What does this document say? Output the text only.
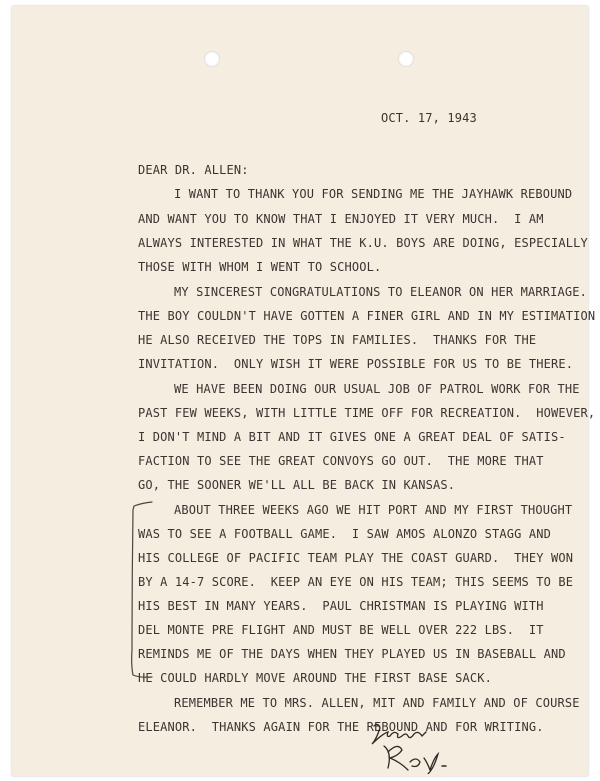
OCT. 17, 1943
DEAR DR. ALLEN:
I WANT TO THANK YOU FOR SENDING ME THE JAYHAWK REBOUND
AND WANT YOU TO KNOW THAT I ENJOYED IT VERY MUCH.  I AM
ALWAYS INTERESTED IN WHAT THE K.U. BOYS ARE DOING, ESPECIALLY
THOSE WITH WHOM I WENT TO SCHOOL.
MY SINCEREST CONGRATULATIONS TO ELEANOR ON HER MARRIAGE.
THE BOY COULDN'T HAVE GOTTEN A FINER GIRL AND IN MY ESTIMATION
HE ALSO RECEIVED THE TOPS IN FAMILIES.  THANKS FOR THE
INVITATION.  ONLY WISH IT WERE POSSIBLE FOR US TO BE THERE.
WE HAVE BEEN DOING OUR USUAL JOB OF PATROL WORK FOR THE
PAST FEW WEEKS, WITH LITTLE TIME OFF FOR RECREATION.  HOWEVER,
I DON'T MIND A BIT AND IT GIVES ONE A GREAT DEAL OF SATIS-
FACTION TO SEE THE GREAT CONVOYS GO OUT.  THE MORE THAT
GO, THE SOONER WE'LL ALL BE BACK IN KANSAS.
ABOUT THREE WEEKS AGO WE HIT PORT AND MY FIRST THOUGHT
WAS TO SEE A FOOTBALL GAME.  I SAW AMOS ALONZO STAGG AND
HIS COLLEGE OF PACIFIC TEAM PLAY THE COAST GUARD.  THEY WON
BY A 14-7 SCORE.  KEEP AN EYE ON HIS TEAM; THIS SEEMS TO BE
HIS BEST IN MANY YEARS.  PAUL CHRISTMAN IS PLAYING WITH
DEL MONTE PRE FLIGHT AND MUST BE WELL OVER 222 LBS.  IT
REMINDS ME OF THE DAYS WHEN THEY PLAYED US IN BASEBALL AND
HE COULD HARDLY MOVE AROUND THE FIRST BASE SACK.
REMEMBER ME TO MRS. ALLEN, MIT AND FAMILY AND OF COURSE
ELEANOR.  THANKS AGAIN FOR THE REBOUND AND FOR WRITING.
